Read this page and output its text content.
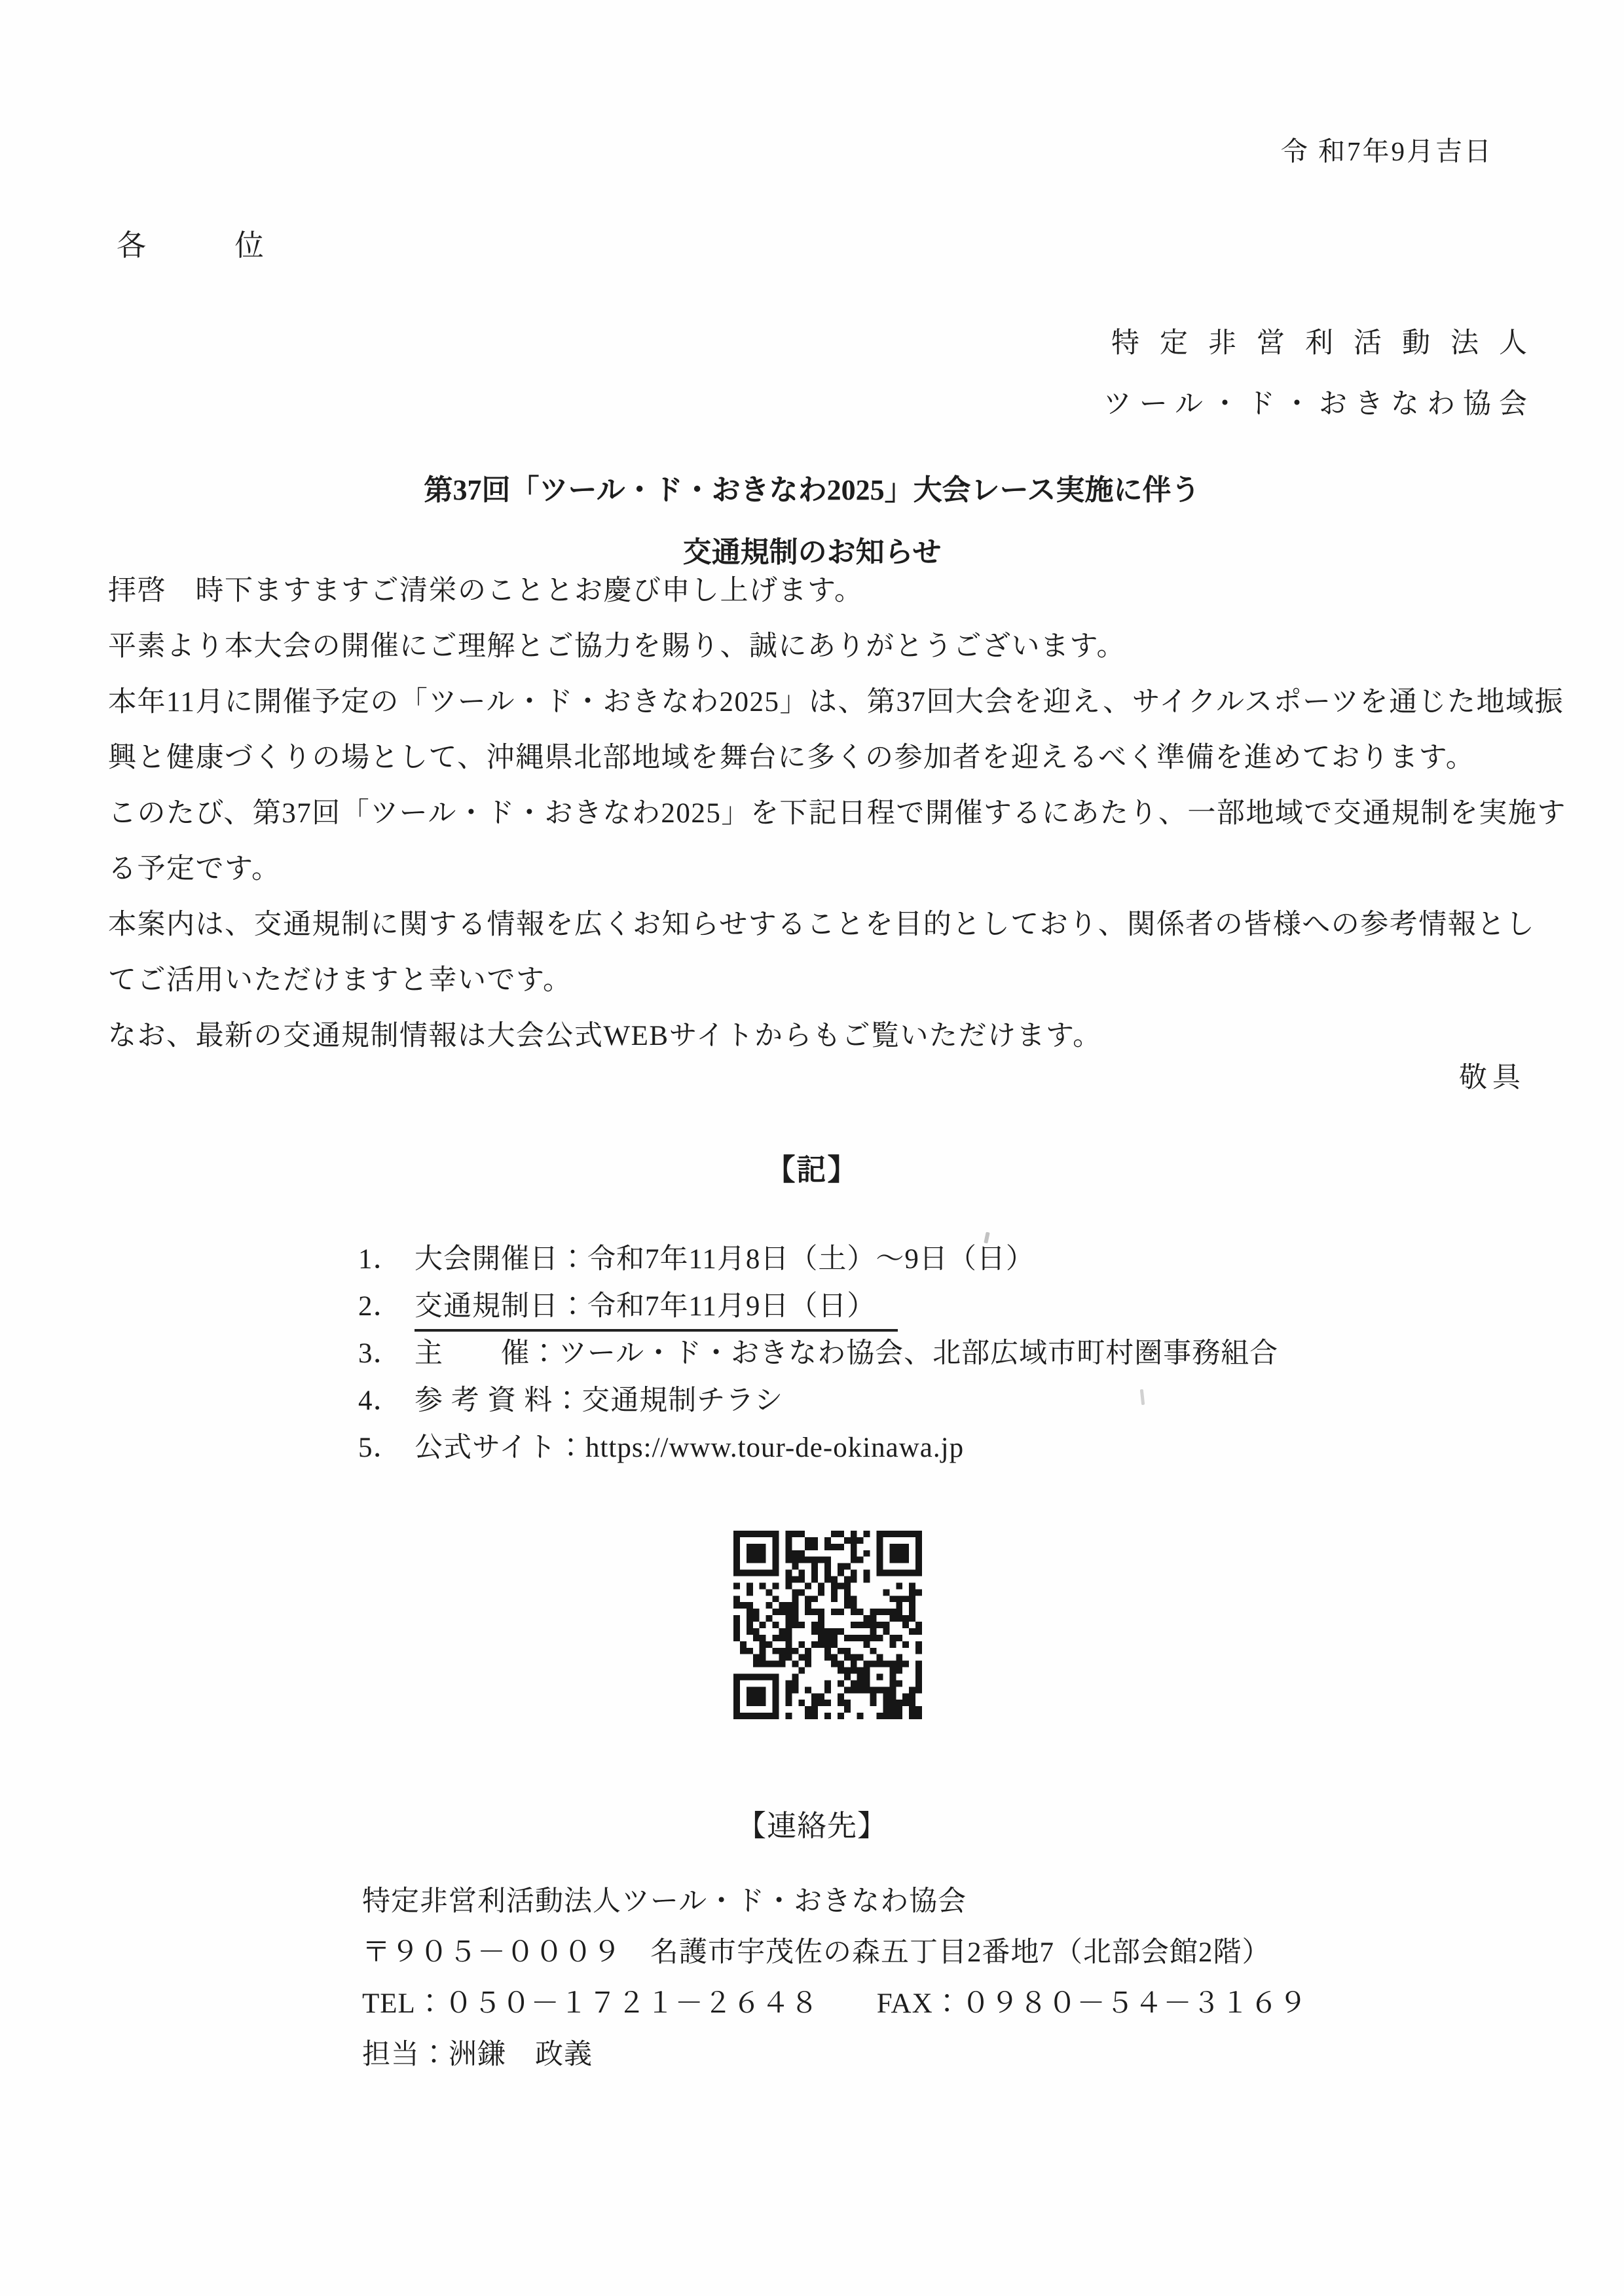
令 和7年9月吉日
各　　　位
特定非営利活動法人
ツール・ド・おきなわ協会
第37回「ツール・ド・おきなわ2025」大会レース実施に伴う
交通規制のお知らせ
拝啓　時下ますますご清栄のこととお慶び申し上げます。
平素より本大会の開催にご理解とご協力を賜り、誠にありがとうございます。
本年11月に開催予定の「ツール・ド・おきなわ2025」は、第37回大会を迎え、サイクルスポーツを通じた地域振
興と健康づくりの場として、沖縄県北部地域を舞台に多くの参加者を迎えるべく準備を進めております。
このたび、第37回「ツール・ド・おきなわ2025」を下記日程で開催するにあたり、一部地域で交通規制を実施す
る予定です。
本案内は、交通規制に関する情報を広くお知らせすることを目的としており、関係者の皆様への参考情報とし
てご活用いただけますと幸いです。
なお、最新の交通規制情報は大会公式WEBサイトからもご覧いただけます。
敬具
【記】
1． 大会開催日：令和7年11月8日（土）～9日（日）
2． 交通規制日：令和7年11月9日（日）
3． 主　　催：ツール・ド・おきなわ協会、北部広域市町村圏事務組合
4． 参 考 資 料：交通規制チラシ
5． 公式サイト：https://www.tour-de-okinawa.jp
【連絡先】
特定非営利活動法人ツール・ド・おきなわ協会
〒９０５－０００９　名護市宇茂佐の森五丁目2番地7（北部会館2階）
TEL：０５０－１７２１－２６４８　　FAX：０９８０－５４－３１６９
担当：洲鎌　政義
